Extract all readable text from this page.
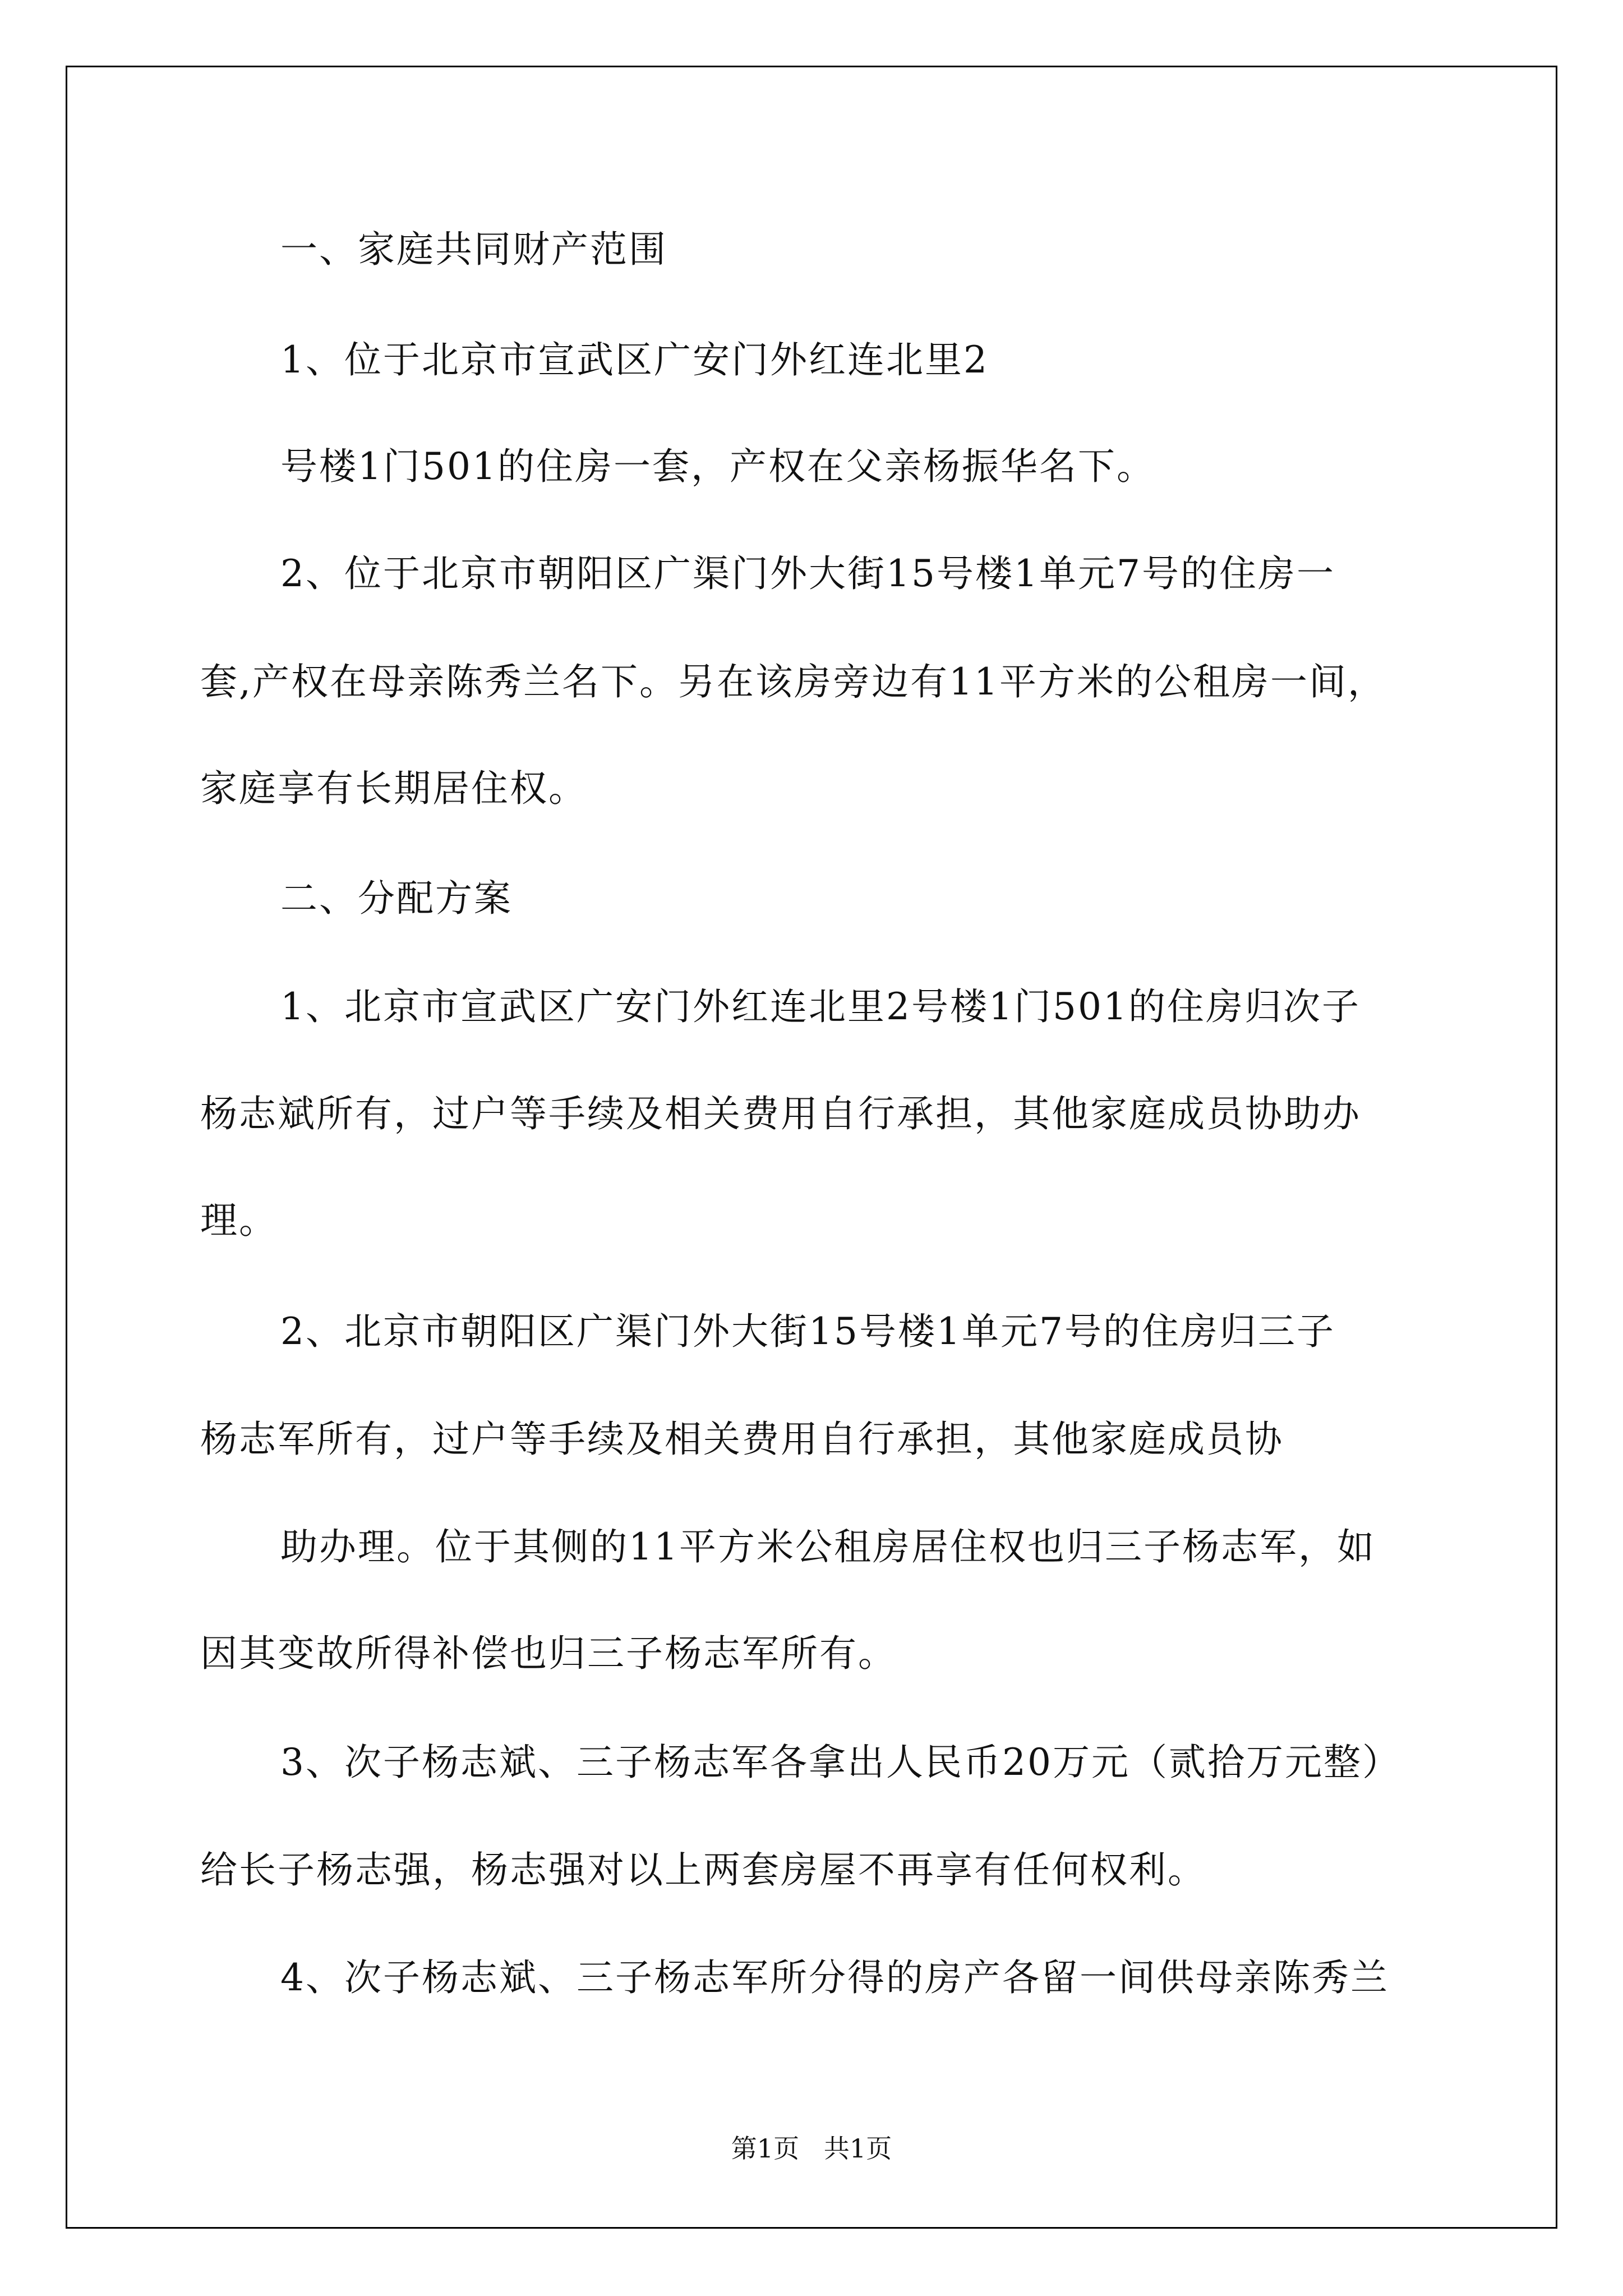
一、家庭共同财产范围

1、位于北京市宣武区广安门外红连北里2

号楼1门501的住房一套，产权在父亲杨振华名下。

2、位于北京市朝阳区广渠门外大街15号楼1单元7号的住房一

套,产权在母亲陈秀兰名下。另在该房旁边有11平方米的公租房一间，

家庭享有长期居住权。

二、分配方案

1、北京市宣武区广安门外红连北里2号楼1门501的住房归次子

杨志斌所有，过户等手续及相关费用自行承担，其他家庭成员协助办

理。

2、北京市朝阳区广渠门外大街15号楼1单元7号的住房归三子

杨志军所有，过户等手续及相关费用自行承担，其他家庭成员协

助办理。位于其侧的11平方米公租房居住权也归三子杨志军，如

因其变故所得补偿也归三子杨志军所有。

3、次子杨志斌、三子杨志军各拿出人民币20万元（贰拾万元整）

给长子杨志强，杨志强对以上两套房屋不再享有任何权利。

4、次子杨志斌、三子杨志军所分得的房产各留一间供母亲陈秀兰

第1页   共1页
